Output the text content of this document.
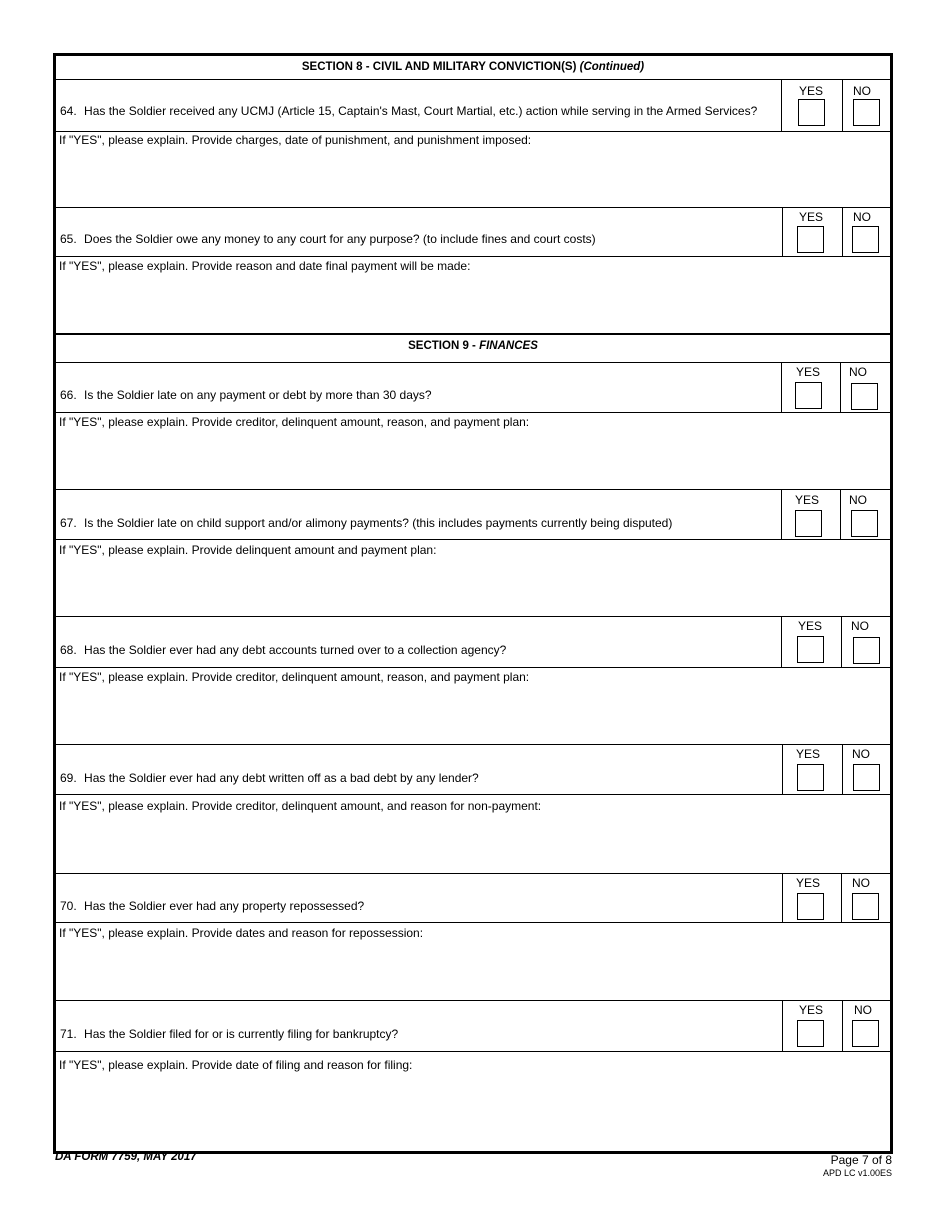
SECTION 8 - CIVIL AND MILITARY CONVICTION(S) (Continued)
YES	NO
64. Has the Soldier received any UCMJ (Article 15, Captain's Mast, Court Martial, etc.) action while serving in the Armed Services?
If "YES", please explain. Provide charges, date of punishment, and punishment imposed:
YES	NO
65. Does the Soldier owe any money to any court for any purpose? (to include fines and court costs)
If "YES", please explain. Provide reason and date final payment will be made:
SECTION 9 - FINANCES
YES	NO
66. Is the Soldier late on any payment or debt by more than 30 days?
If "YES", please explain. Provide creditor, delinquent amount, reason, and payment plan:
YES	NO
67. Is the Soldier late on child support and/or alimony payments? (this includes payments currently being disputed)
If "YES", please explain. Provide delinquent amount and payment plan:
YES	NO
68. Has the Soldier ever had any debt accounts turned over to a collection agency?
If "YES", please explain. Provide creditor, delinquent amount, reason, and payment plan:
YES	NO
69. Has the Soldier ever had any debt written off as a bad debt by any lender?
If "YES", please explain. Provide creditor, delinquent amount, and reason for non-payment:
YES	NO
70. Has the Soldier ever had any property repossessed?
If "YES", please explain. Provide dates and reason for repossession:
YES	NO
71. Has the Soldier filed for or is currently filing for bankruptcy?
If "YES", please explain. Provide date of filing and reason for filing:
DA FORM 7759, MAY 2017	Page 7 of 8
APD LC v1.00ES
